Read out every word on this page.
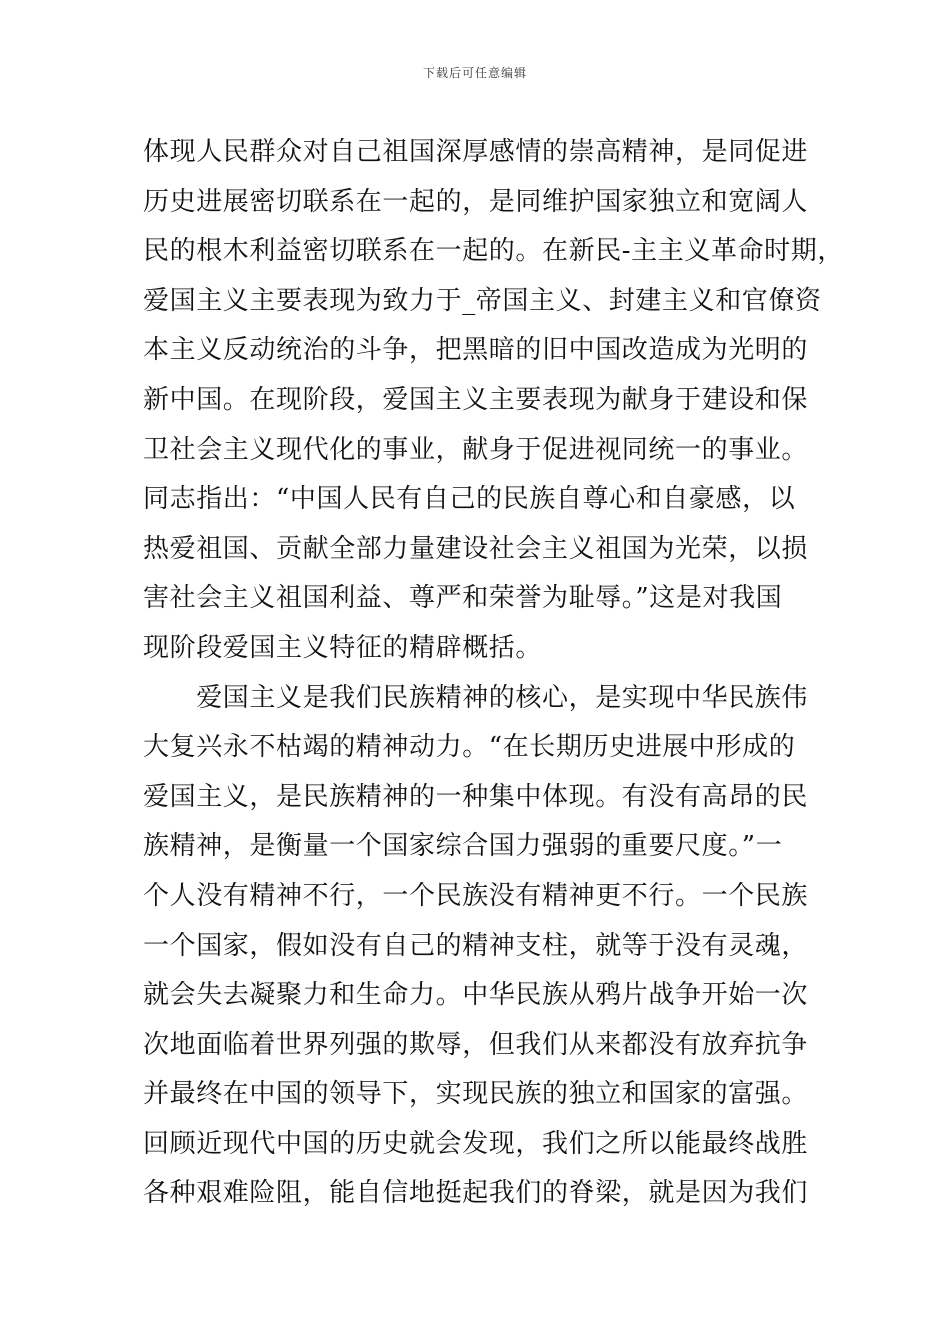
下载后可任意编辑
体现人民群众对自己祖国深厚感情的崇高精神，是同促进
历史进展密切联系在一起的，是同维护国家独立和宽阔人
民的根木利益密切联系在一起的。在新民-主主义革命时期，
爱国主义主要表现为致力于_帝国主义、封建主义和官僚资
本主义反动统治的斗争，把黑暗的旧中国改造成为光明的
新中国。在现阶段，爱国主义主要表现为献身于建设和保
卫社会主义现代化的事业，献身于促进视同统一的事业。
同志指出：“中国人民有自己的民族自尊心和自豪感，以
热爱祖国、贡献全部力量建设社会主义祖国为光荣，以损
害社会主义祖国利益、尊严和荣誉为耻辱。”这是对我国
现阶段爱国主义特征的精辟概括。
　　爱国主义是我们民族精神的核心，是实现中华民族伟
大复兴永不枯竭的精神动力。“在长期历史进展中形成的
爱国主义，是民族精神的一种集中体现。有没有高昂的民
族精神，是衡量一个国家综合国力强弱的重要尺度。”一
个人没有精神不行，一个民族没有精神更不行。一个民族
一个国家，假如没有自己的精神支柱，就等于没有灵魂，
就会失去凝聚力和生命力。中华民族从鸦片战争开始一次
次地面临着世界列强的欺辱，但我们从来都没有放弃抗争
并最终在中国的领导下，实现民族的独立和国家的富强。
回顾近现代中国的历史就会发现，我们之所以能最终战胜
各种艰难险阻，能自信地挺起我们的脊梁，就是因为我们
